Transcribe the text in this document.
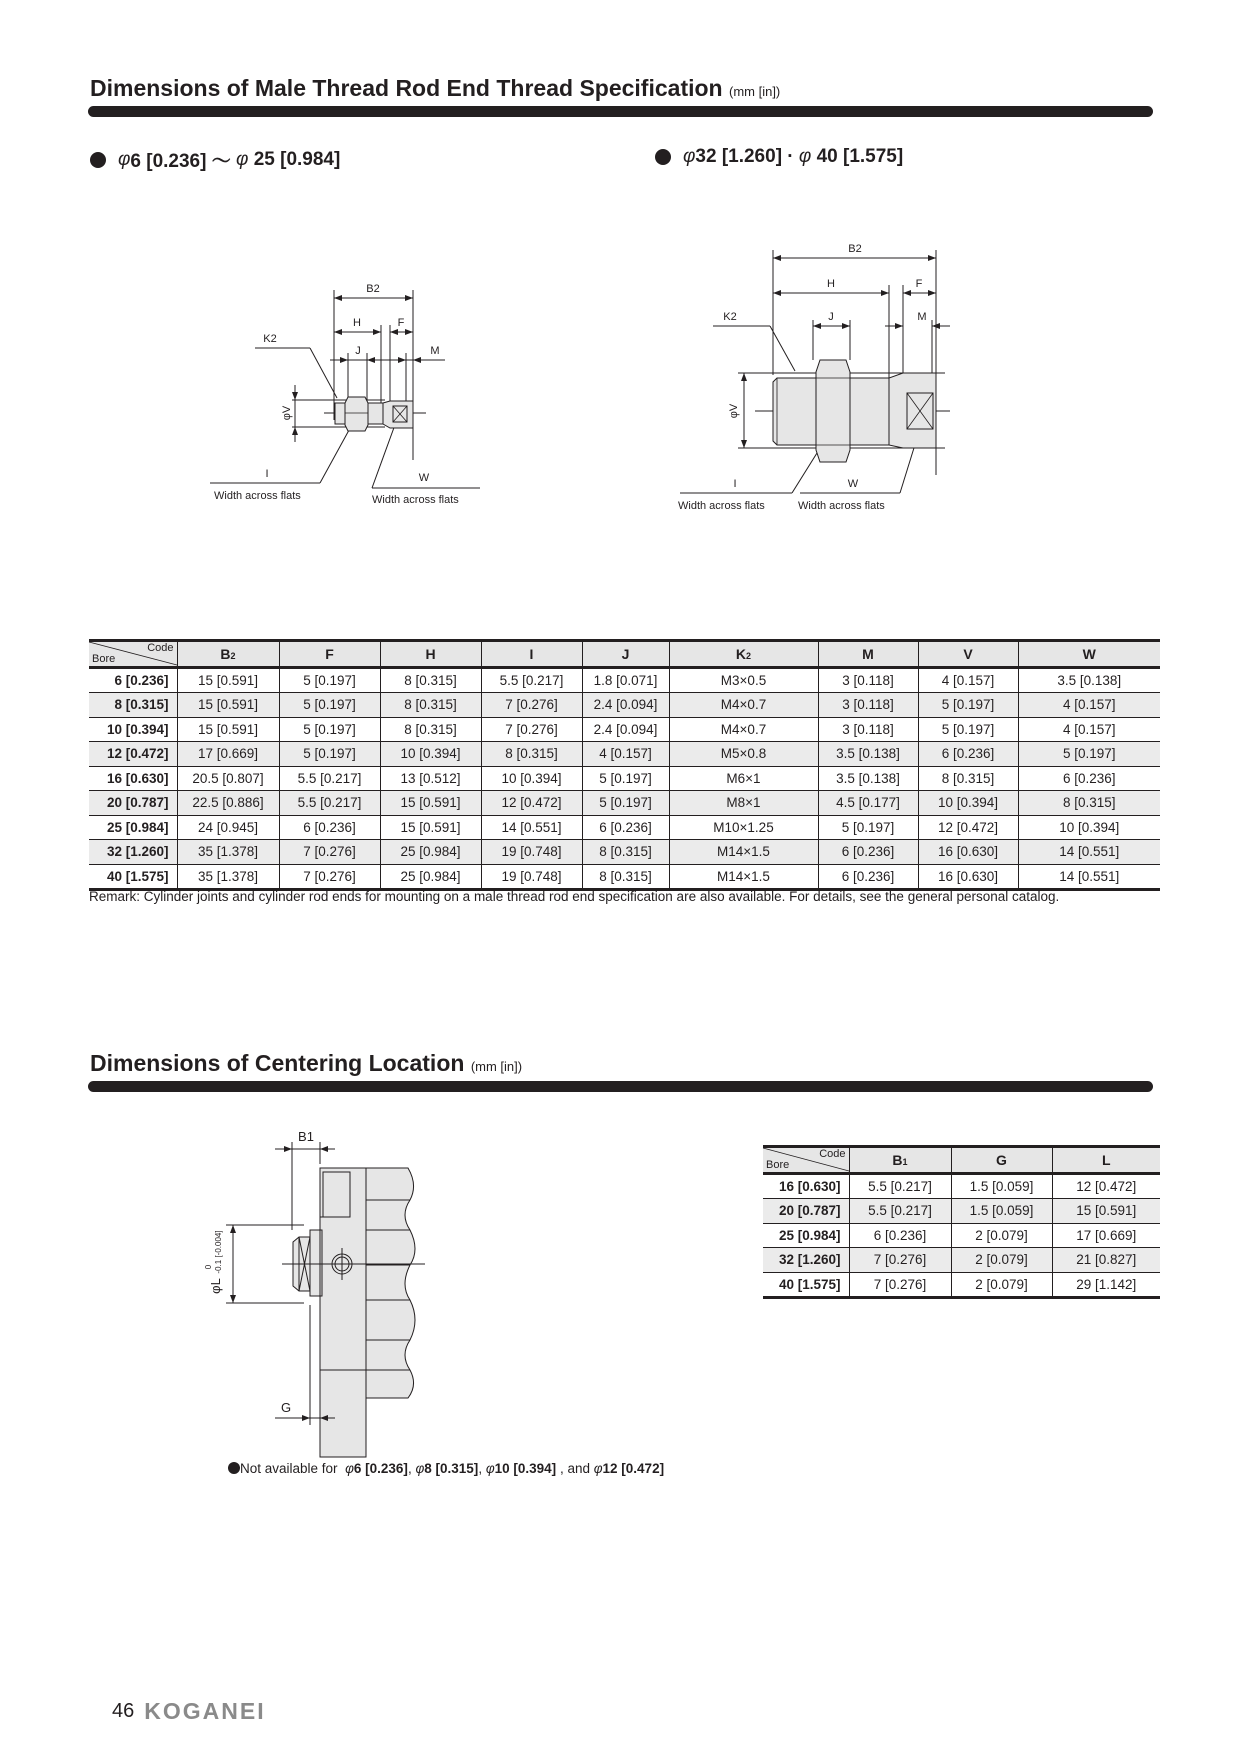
Dimensions of Male Thread Rod End Thread Specification (mm [in])
φ 6 [0.236] ～ φ 25 [0.984]	φ 32 [1.260] · φ 40 [1.575]
B2
H	F
K2
J	M
φV
I	W
Width across flats	Width across flats
B2
H	F
K2	J	M
φV
I	W
Width across flats	Width across flats
Code
Bore	B2	F	H	I	J	K2	M	V	W
6 [0.236]	15 [0.591]	5 [0.197]	8 [0.315]	5.5 [0.217]	1.8 [0.071]	M3×0.5	3 [0.118]	4 [0.157]	3.5 [0.138]
8 [0.315]	15 [0.591]	5 [0.197]	8 [0.315]	7 [0.276]	2.4 [0.094]	M4×0.7	3 [0.118]	5 [0.197]	4 [0.157]
10 [0.394]	15 [0.591]	5 [0.197]	8 [0.315]	7 [0.276]	2.4 [0.094]	M4×0.7	3 [0.118]	5 [0.197]	4 [0.157]
12 [0.472]	17 [0.669]	5 [0.197]	10 [0.394]	8 [0.315]	4 [0.157]	M5×0.8	3.5 [0.138]	6 [0.236]	5 [0.197]
16 [0.630]	20.5 [0.807]	5.5 [0.217]	13 [0.512]	10 [0.394]	5 [0.197]	M6×1	3.5 [0.138]	8 [0.315]	6 [0.236]
20 [0.787]	22.5 [0.886]	5.5 [0.217]	15 [0.591]	12 [0.472]	5 [0.197]	M8×1	4.5 [0.177]	10 [0.394]	8 [0.315]
25 [0.984]	24 [0.945]	6 [0.236]	15 [0.591]	14 [0.551]	6 [0.236]	M10×1.25	5 [0.197]	12 [0.472]	10 [0.394]
32 [1.260]	35 [1.378]	7 [0.276]	25 [0.984]	19 [0.748]	8 [0.315]	M14×1.5	6 [0.236]	16 [0.630]	14 [0.551]
40 [1.575]	35 [1.378]	7 [0.276]	25 [0.984]	19 [0.748]	8 [0.315]	M14×1.5	6 [0.236]	16 [0.630]	14 [0.551]
Remark: Cylinder joints and cylinder rod ends for mounting on a male thread rod end specification are also available. For details, see the general personal catalog.
Dimensions of Centering Location (mm [in])
B1
G
φL
0 -0.1 [-0.004]
Code
Bore	B1	G	L
16 [0.630]	5.5 [0.217]	1.5 [0.059]	12 [0.472]
20 [0.787]	5.5 [0.217]	1.5 [0.059]	15 [0.591]
25 [0.984]	6 [0.236]	2 [0.079]	17 [0.669]
32 [1.260]	7 [0.276]	2 [0.079]	21 [0.827]
40 [1.575]	7 [0.276]	2 [0.079]	29 [1.142]
Not available for  φ6 [0.236], φ8 [0.315], φ10 [0.394] , and φ12 [0.472]
46 KOGANEI
